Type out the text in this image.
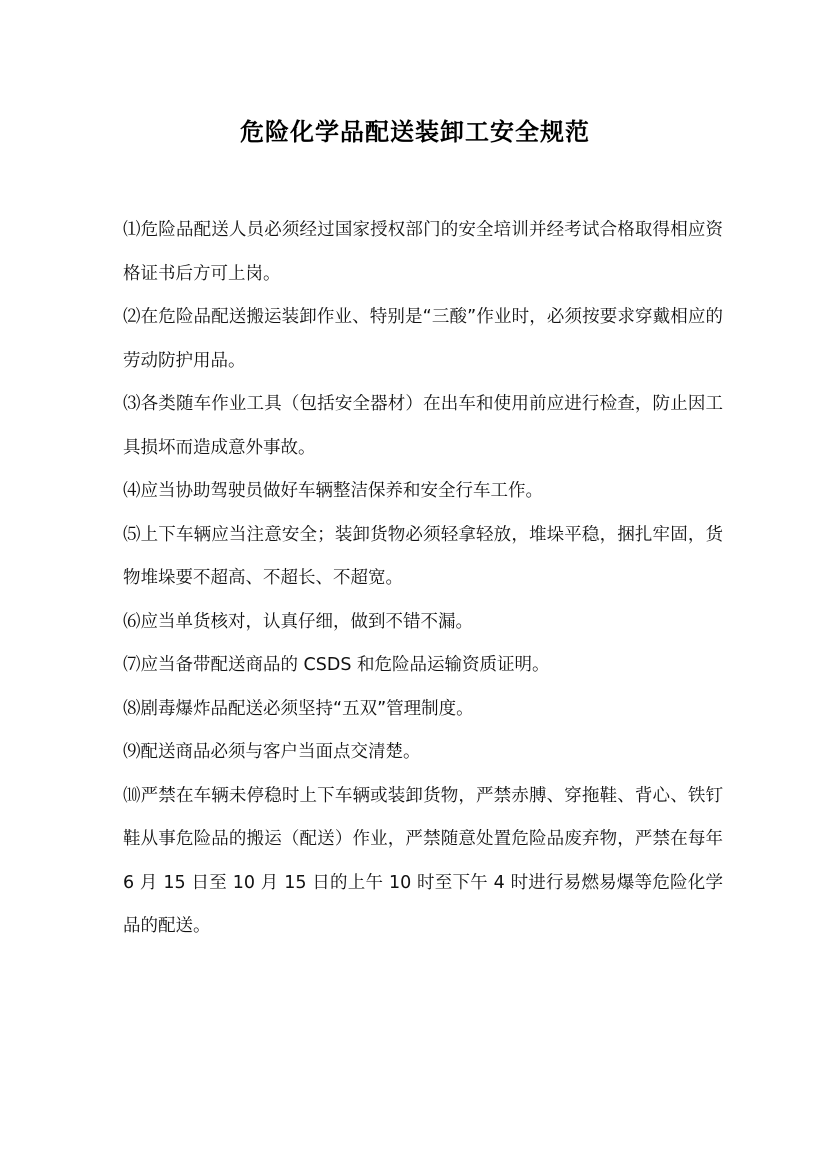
危险化学品配送装卸工安全规范

⑴危险品配送人员必须经过国家授权部门的安全培训并经考试合格取得相应资格证书后方可上岗。

⑵在危险品配送搬运装卸作业、特别是“三酸”作业时，必须按要求穿戴相应的劳动防护用品。

⑶各类随车作业工具（包括安全器材）在出车和使用前应进行检查，防止因工具损坏而造成意外事故。

⑷应当协助驾驶员做好车辆整洁保养和安全行车工作。

⑸上下车辆应当注意安全；装卸货物必须轻拿轻放，堆垛平稳，捆扎牢固，货物堆垛要不超高、不超长、不超宽。

⑹应当单货核对，认真仔细，做到不错不漏。

⑺应当备带配送商品的 CSDS 和危险品运输资质证明。

⑻剧毒爆炸品配送必须坚持“五双”管理制度。

⑼配送商品必须与客户当面点交清楚。

⑽严禁在车辆未停稳时上下车辆或装卸货物，严禁赤膊、穿拖鞋、背心、铁钉鞋从事危险品的搬运（配送）作业，严禁随意处置危险品废弃物，严禁在每年 6 月 15 日至 10 月 15 日的上午 10 时至下午 4 时进行易燃易爆等危险化学品的配送。
